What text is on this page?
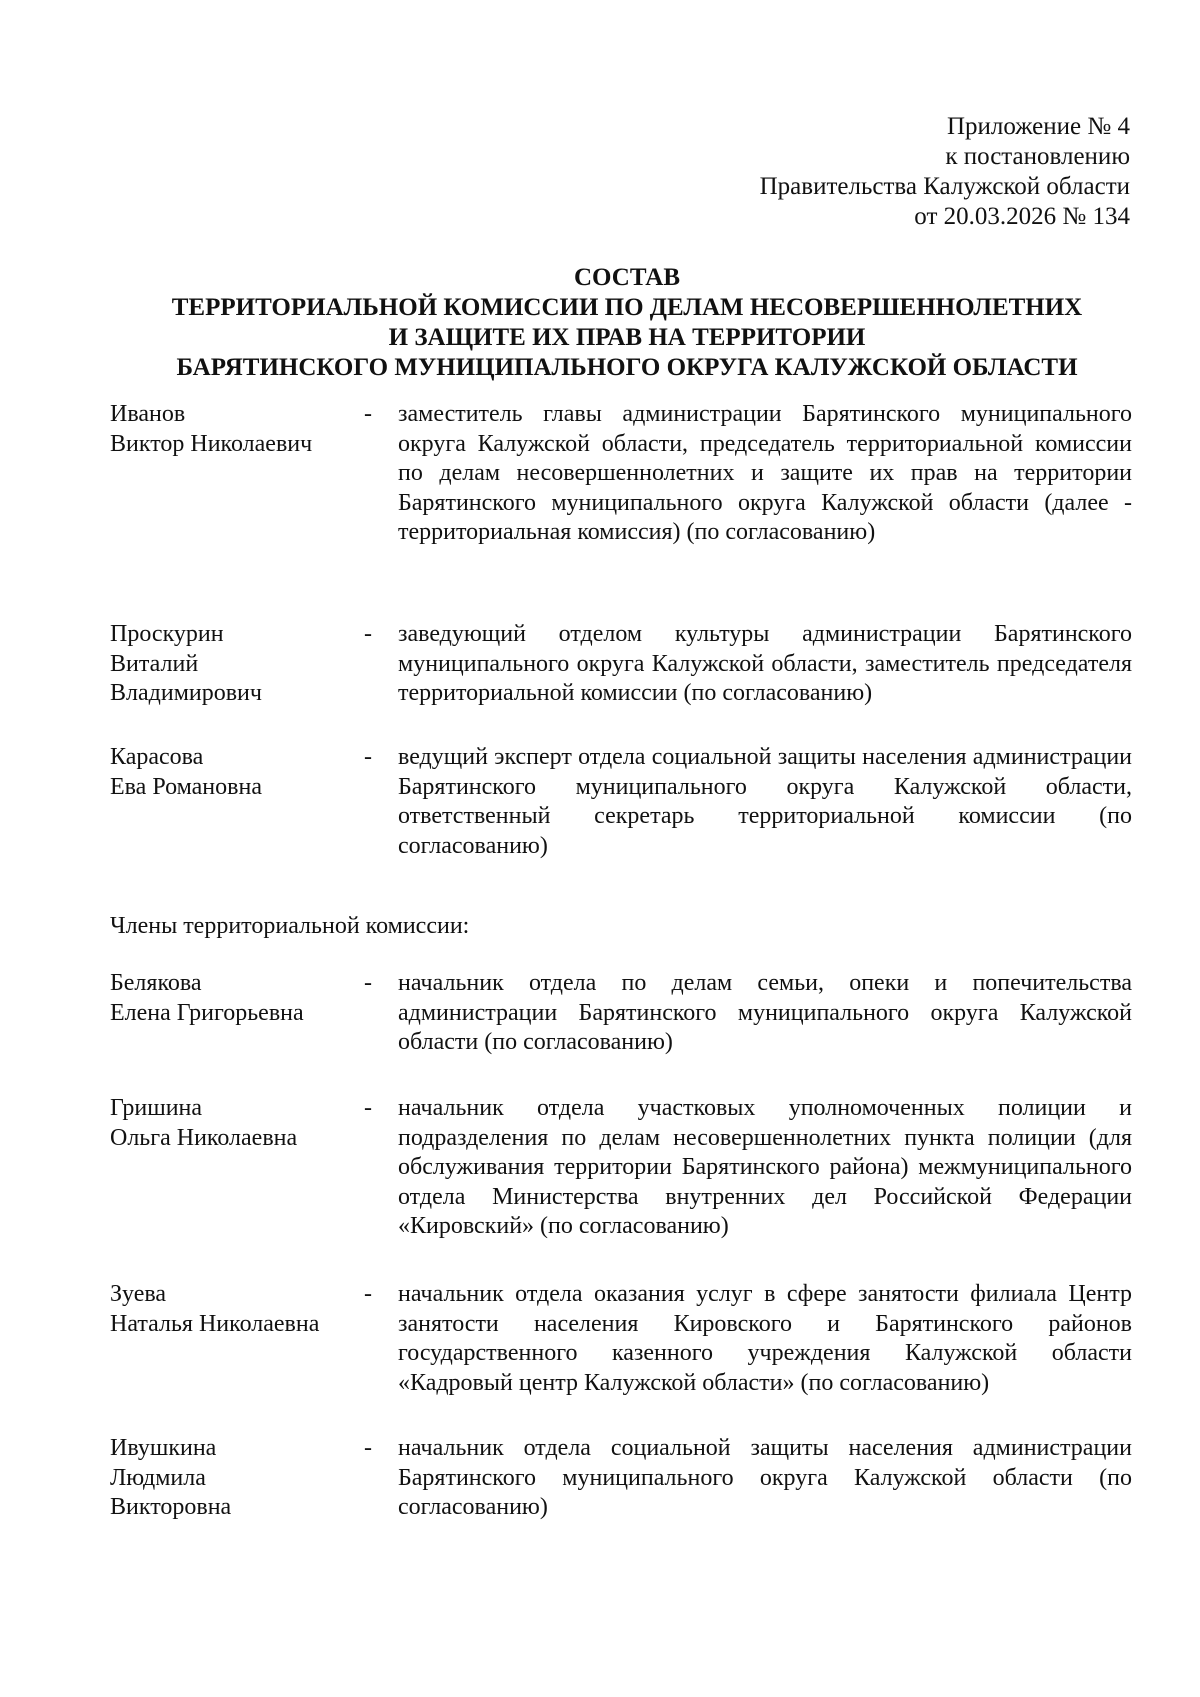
Приложение № 4
к постановлению
Правительства Калужской области
от 20.03.2026 № 134
СОСТАВ
ТЕРРИТОРИАЛЬНОЙ КОМИССИИ ПО ДЕЛАМ НЕСОВЕРШЕННОЛЕТНИХ
И ЗАЩИТЕ ИХ ПРАВ НА ТЕРРИТОРИИ
БАРЯТИНСКОГО МУНИЦИПАЛЬНОГО ОКРУГА КАЛУЖСКОЙ ОБЛАСТИ
Иванов
Виктор Николаевич
- заместитель главы администрации Барятинского муниципального округа Калужской области, председатель территориальной комиссии по делам несовершеннолетних и защите их прав на территории Барятинского муниципального округа Калужской области (далее - территориальная комиссия) (по согласованию)
Проскурин
Виталий
Владимирович
- заведующий отделом культуры администрации Барятинского муниципального округа Калужской области, заместитель председателя территориальной комиссии (по согласованию)
Карасова
Ева Романовна
- ведущий эксперт отдела социальной защиты населения администрации Барятинского муниципального округа Калужской области, ответственный секретарь территориальной комиссии (по согласованию)
Члены территориальной комиссии:
Белякова
Елена Григорьевна
- начальник отдела по делам семьи, опеки и попечительства администрации Барятинского муниципального округа Калужской области (по согласованию)
Гришина
Ольга Николаевна
- начальник отдела участковых уполномоченных полиции и подразделения по делам несовершеннолетних пункта полиции (для обслуживания территории Барятинского района) межмуниципального отдела Министерства внутренних дел Российской Федерации «Кировский» (по согласованию)
Зуева
Наталья Николаевна
- начальник отдела оказания услуг в сфере занятости филиала Центр занятости населения Кировского и Барятинского районов государственного казенного учреждения Калужской области «Кадровый центр Калужской области» (по согласованию)
Ивушкина
Людмила
Викторовна
- начальник отдела социальной защиты населения администрации Барятинского муниципального округа Калужской области (по согласованию)
